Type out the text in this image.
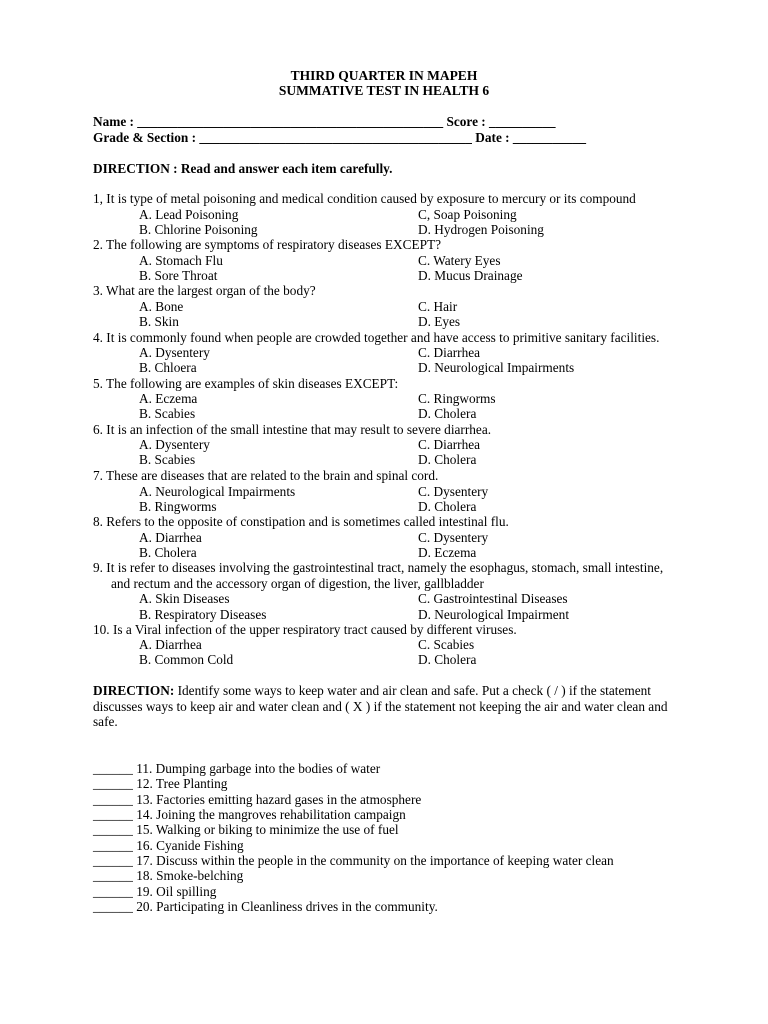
THIRD QUARTER IN MAPEH
SUMMATIVE TEST IN HEALTH 6
Name : ______________________________________________ Score : __________
Grade & Section : _________________________________________ Date : ___________
DIRECTION : Read and answer each item carefully.
1, It is type of metal poisoning and medical condition caused by exposure to mercury or its compound
A. Lead Poisoning	C, Soap Poisoning
B. Chlorine Poisoning	D. Hydrogen Poisoning
2. The following are symptoms of respiratory diseases EXCEPT?
A. Stomach Flu	C. Watery Eyes
B. Sore Throat	D. Mucus Drainage
3. What are the largest organ of the body?
A. Bone	C. Hair
B. Skin	D. Eyes
4. It is commonly found when people are crowded together and have access to primitive sanitary facilities.
A. Dysentery	C. Diarrhea
B. Chloera	D. Neurological Impairments
5. The following are examples of skin diseases EXCEPT:
A. Eczema	C. Ringworms
B. Scabies	D. Cholera
6. It is an infection of the small intestine that may result to severe diarrhea.
A. Dysentery	C. Diarrhea
B. Scabies	D. Cholera
7. These are diseases that are related to the brain and spinal cord.
A. Neurological Impairments	C. Dysentery
B. Ringworms	D. Cholera
8. Refers to the opposite of constipation and is sometimes called intestinal flu.
A. Diarrhea	C. Dysentery
B. Cholera	D. Eczema
9. It is refer to diseases involving the gastrointestinal tract, namely the esophagus, stomach, small intestine,
and rectum and the accessory organ of digestion, the liver, gallbladder
A. Skin Diseases	C. Gastrointestinal Diseases
B. Respiratory Diseases	D. Neurological Impairment
10. Is a Viral infection of the upper respiratory tract caused by different viruses.
A. Diarrhea	C. Scabies
B. Common Cold	D. Cholera
DIRECTION: Identify some ways to keep water and air clean and safe. Put a check ( / ) if the statement discusses ways to keep air and water clean and ( X ) if the statement not keeping the air and water clean and safe.
______ 11. Dumping garbage into the bodies of water
______ 12. Tree Planting
______ 13. Factories emitting hazard gases in the atmosphere
______ 14. Joining the mangroves rehabilitation campaign
______ 15. Walking or biking to minimize the use of fuel
______ 16. Cyanide Fishing
______ 17. Discuss within the people in the community on the importance of keeping water clean
______ 18. Smoke-belching
______ 19. Oil spilling
______ 20. Participating in Cleanliness drives in the community.
